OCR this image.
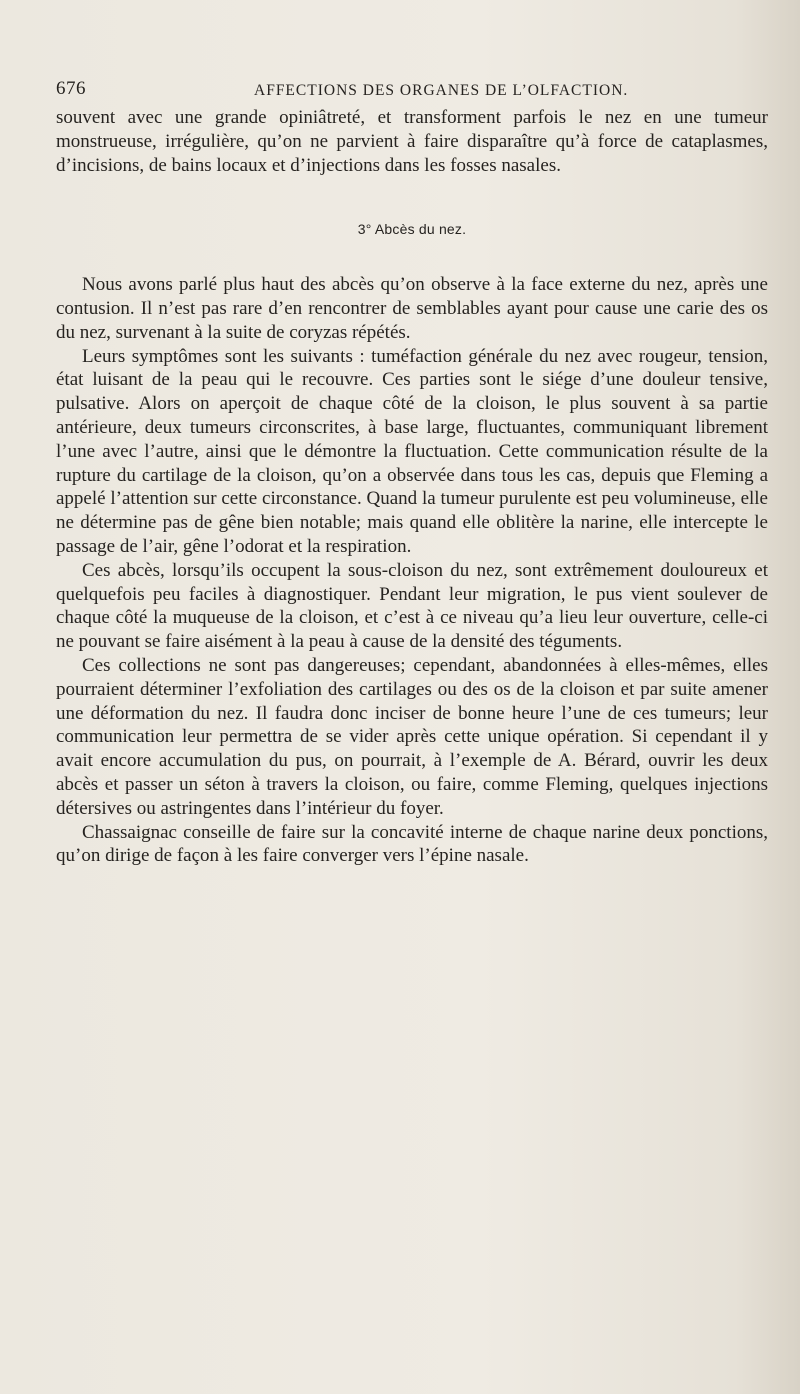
676	AFFECTIONS DES ORGANES DE L’OLFACTION.

souvent avec une grande opiniâtreté, et transforment parfois le nez en une tumeur monstrueuse, irrégulière, qu’on ne parvient à faire disparaître qu’à force de cataplasmes, d’incisions, de bains locaux et d’injections dans les fosses nasales.

3° Abcès du nez.

Nous avons parlé plus haut des abcès qu’on observe à la face externe du nez, après une contusion. Il n’est pas rare d’en rencontrer de semblables ayant pour cause une carie des os du nez, survenant à la suite de coryzas répétés.

Leurs symptômes sont les suivants : tuméfaction générale du nez avec rougeur, tension, état luisant de la peau qui le recouvre. Ces parties sont le siége d’une douleur tensive, pulsative. Alors on aperçoit de chaque côté de la cloison, le plus souvent à sa partie antérieure, deux tumeurs circonscrites, à base large, fluctuantes, communiquant librement l’une avec l’autre, ainsi que le démontre la fluctuation. Cette communication résulte de la rupture du cartilage de la cloison, qu’on a observée dans tous les cas, depuis que Fleming a appelé l’attention sur cette circonstance. Quand la tumeur purulente est peu volumineuse, elle ne détermine pas de gêne bien notable; mais quand elle oblitère la narine, elle intercepte le passage de l’air, gêne l’odorat et la respiration.

Ces abcès, lorsqu’ils occupent la sous-cloison du nez, sont extrêmement douloureux et quelquefois peu faciles à diagnostiquer. Pendant leur migration, le pus vient soulever de chaque côté la muqueuse de la cloison, et c’est à ce niveau qu’a lieu leur ouverture, celle-ci ne pouvant se faire aisément à la peau à cause de la densité des téguments.

Ces collections ne sont pas dangereuses; cependant, abandonnées à elles-mêmes, elles pourraient déterminer l’exfoliation des cartilages ou des os de la cloison et par suite amener une déformation du nez. Il faudra donc inciser de bonne heure l’une de ces tumeurs; leur communication leur permettra de se vider après cette unique opération. Si cependant il y avait encore accumulation du pus, on pourrait, à l’exemple de A. Bérard, ouvrir les deux abcès et passer un séton à travers la cloison, ou faire, comme Fleming, quelques injections détersives ou astringentes dans l’intérieur du foyer.

Chassaignac conseille de faire sur la concavité interne de chaque narine deux ponctions, qu’on dirige de façon à les faire converger vers l’épine nasale.
